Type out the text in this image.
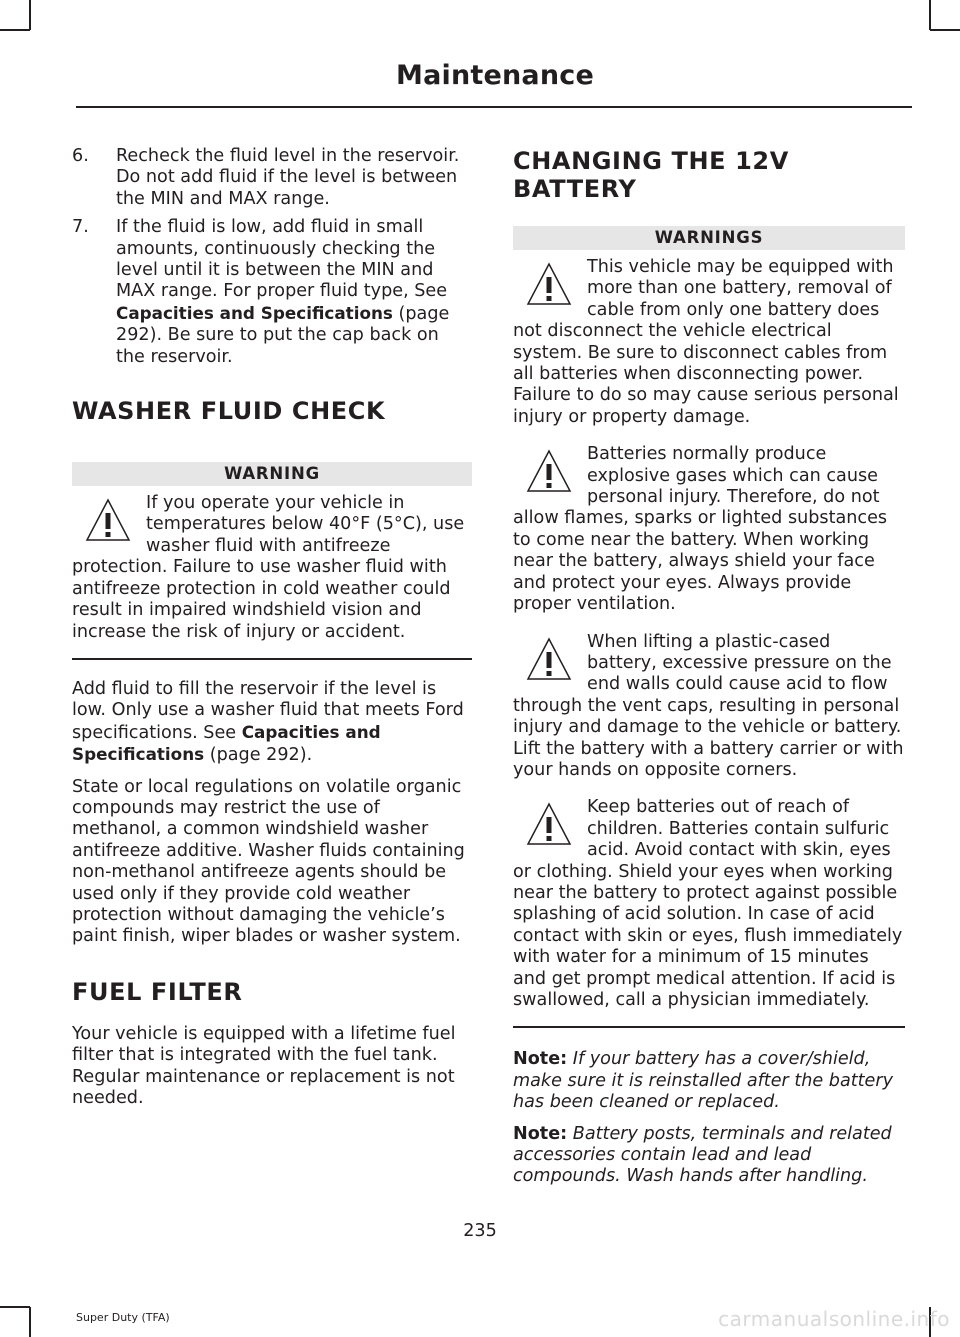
Maintenance
6.	Recheck the fluid level in the reservoir. Do not add fluid if the level is between the MIN and MAX range.
7.	If the fluid is low, add fluid in small amounts, continuously checking the level until it is between the MIN and MAX range. For proper fluid type, See Capacities and Specifications (page 292). Be sure to put the cap back on the reservoir.
WASHER FLUID CHECK
WARNING

If you operate your vehicle in temperatures below 40°F (5°C), use washer fluid with antifreeze protection. Failure to use washer fluid with antifreeze protection in cold weather could result in impaired windshield vision and increase the risk of injury or accident.

Add fluid to fill the reservoir if the level is low. Only use a washer fluid that meets Ford specifications. See Capacities and Specifications (page 292).

State or local regulations on volatile organic compounds may restrict the use of methanol, a common windshield washer antifreeze additive. Washer fluids containing non-methanol antifreeze agents should be used only if they provide cold weather protection without damaging the vehicle’s paint finish, wiper blades or washer system.

FUEL FILTER

Your vehicle is equipped with a lifetime fuel filter that is integrated with the fuel tank. Regular maintenance or replacement is not needed.

CHANGING THE 12V BATTERY
WARNINGS

This vehicle may be equipped with more than one battery, removal of cable from only one battery does not disconnect the vehicle electrical system. Be sure to disconnect cables from all batteries when disconnecting power. Failure to do so may cause serious personal injury or property damage.

Batteries normally produce explosive gases which can cause personal injury. Therefore, do not allow flames, sparks or lighted substances to come near the battery. When working near the battery, always shield your face and protect your eyes. Always provide proper ventilation.

When lifting a plastic-cased battery, excessive pressure on the end walls could cause acid to flow through the vent caps, resulting in personal injury and damage to the vehicle or battery. Lift the battery with a battery carrier or with your hands on opposite corners.

Keep batteries out of reach of children. Batteries contain sulfuric acid. Avoid contact with skin, eyes or clothing. Shield your eyes when working near the battery to protect against possible splashing of acid solution. In case of acid contact with skin or eyes, flush immediately with water for a minimum of 15 minutes and get prompt medical attention. If acid is swallowed, call a physician immediately.

Note: If your battery has a cover/shield, make sure it is reinstalled after the battery has been cleaned or replaced.

Note: Battery posts, terminals and related accessories contain lead and lead compounds. Wash hands after handling.

235
Super Duty (TFA)	carmanualsonline.info
